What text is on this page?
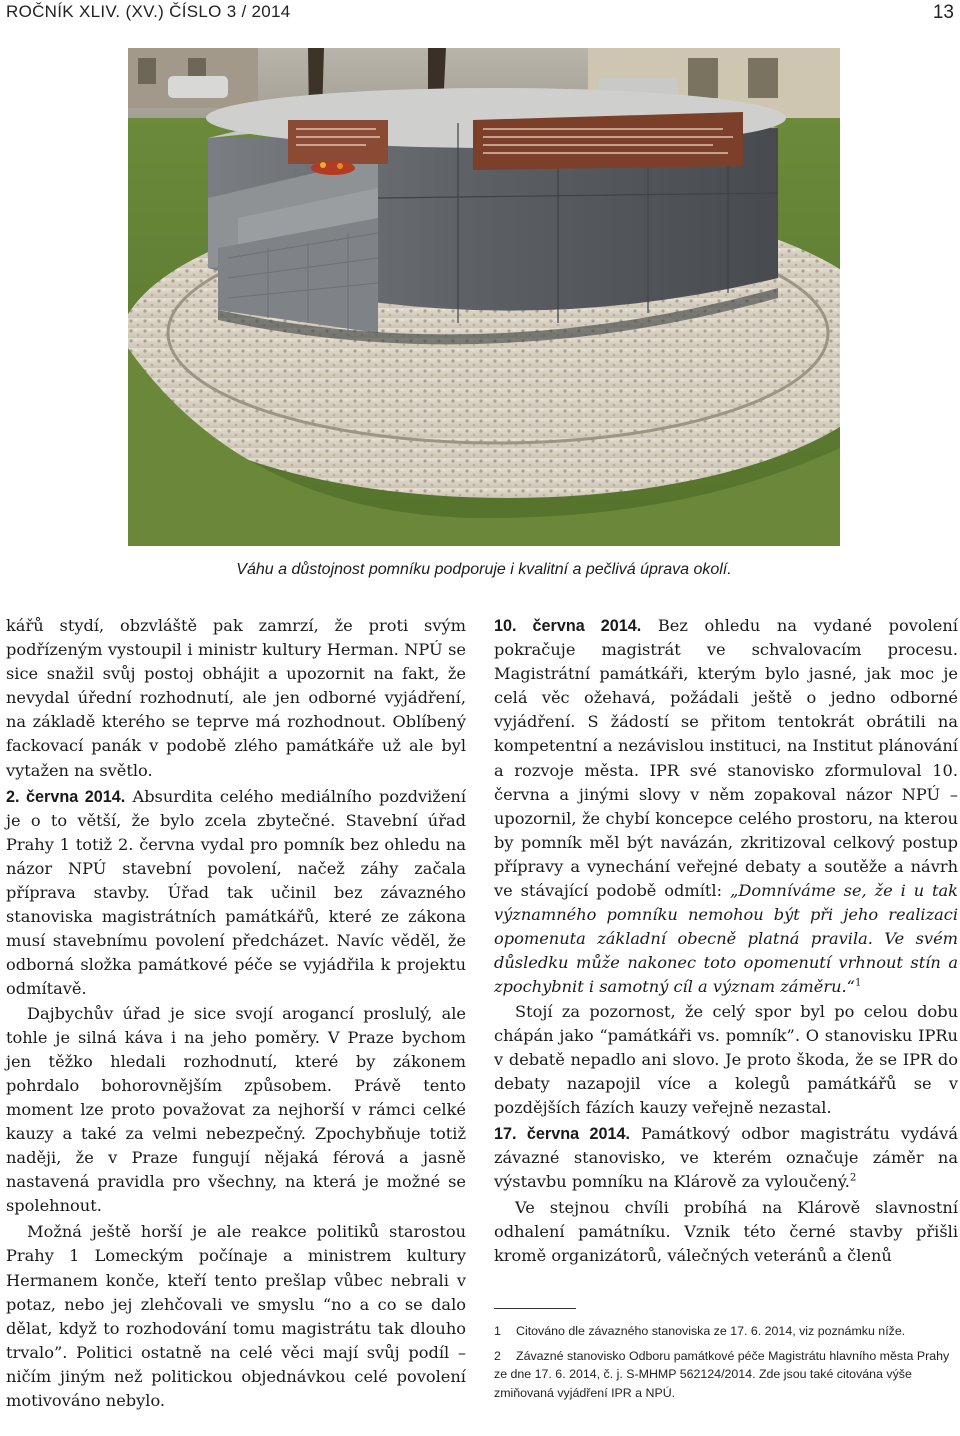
ROČNÍK XLIV. (XV.) ČÍSLO 3 / 2014	13
Váhu a důstojnost pomníku podporuje i kvalitní a pečlivá úprava okolí.

kářů stydí, obzvláště pak zamrzí, že proti svým podřízeným vystoupil i ministr kultury Herman. NPÚ se sice snažil svůj postoj obhájit a upozornit na fakt, že nevydal úřední rozhodnutí, ale jen odborné vyjádření, na základě kterého se teprve má rozhodnout. Oblíbený fackovací panák v podobě zlého památkáře už ale byl vytažen na světlo.

2. června 2014. Absurdita celého mediálního pozdvižení je o to větší, že bylo zcela zbytečné. Stavební úřad Prahy 1 totiž 2. června vydal pro pomník bez ohledu na názor NPÚ stavební povolení, načež záhy začala příprava stavby. Úřad tak učinil bez závazného stanoviska magistrátních památkářů, které ze zákona musí stavebnímu povolení předcházet. Navíc věděl, že odborná složka památkové péče se vyjádřila k projektu odmítavě.

Dajbychův úřad je sice svojí arogancí proslulý, ale tohle je silná káva i na jeho poměry. V Praze bychom jen těžko hledali rozhodnutí, které by zákonem pohrdalo bohorovnějším způsobem. Právě tento moment lze proto považovat za nejhorší v rámci celké kauzy a také za velmi nebezpečný. Zpochybňuje totiž naději, že v Praze fungují nějaká férová a jasně nastavená pravidla pro všechny, na která je možné se spolehnout.

Možná ještě horší je ale reakce politiků starostou Prahy 1 Lomeckým počínaje a ministrem kultury Hermanem konče, kteří tento prešlap vůbec nebrali v potaz, nebo jej zlehčovali ve smyslu “no a co se dalo dělat, když to rozhodování tomu magistrátu tak dlouho trvalo”. Politici ostatně na celé věci mají svůj podíl – ničím jiným než politickou objednávkou celé povolení motivováno nebylo.

10. června 2014. Bez ohledu na vydané povolení pokračuje magistrát ve schvalovacím procesu. Magistrátní památkáři, kterým bylo jasné, jak moc je celá věc ožehavá, požádali ještě o jedno odborné vyjádření. S žádostí se přitom tentokrát obrátili na kompetentní a nezávislou instituci, na Institut plánování a rozvoje města. IPR své stanovisko zformuloval 10. června a jinými slovy v něm zopakoval názor NPÚ – upozornil, že chybí koncepce celého prostoru, na kterou by pomník měl být navázán, zkritizoval celkový postup přípravy a vynechání veřejné debaty a soutěže a návrh ve stávající podobě odmítl: „Domníváme se, že i u tak významného pomníku nemohou být při jeho realizaci opomenuta základní obecně platná pravila. Ve svém důsledku může nakonec toto opomenutí vrhnout stín a zpochybnit i samotný cíl a význam záměru.“$^1$

Stojí za pozornost, že celý spor byl po celou dobu chápán jako “památkáři vs. pomník”. O stanovisku IPRu v debatě nepadlo ani slovo. Je proto škoda, že se IPR do debaty nazapojil více a kolegů památkářů se v pozdějších fázích kauzy veřejně nezastal.

17. června 2014. Památkový odbor magistrátu vydává závazné stanovisko, ve kterém označuje záměr na výstavbu pomníku na Klárově za vyloučený.$^2$

Ve stejnou chvíli probíhá na Klárově slavnostní odhalení památníku. Vznik této černé stavby přišli kromě organizátorů, válečných veteránů a členů

1 Citováno dle závazného stanoviska ze 17. 6. 2014, viz poznámku níže.

2 Závazné stanovisko Odboru památkové péče Magistrátu hlavního města Prahy ze dne 17. 6. 2014, č. j. S-MHMP 562124/2014. Zde jsou také citována výše zmiňovaná vyjádření IPR a NPÚ.
